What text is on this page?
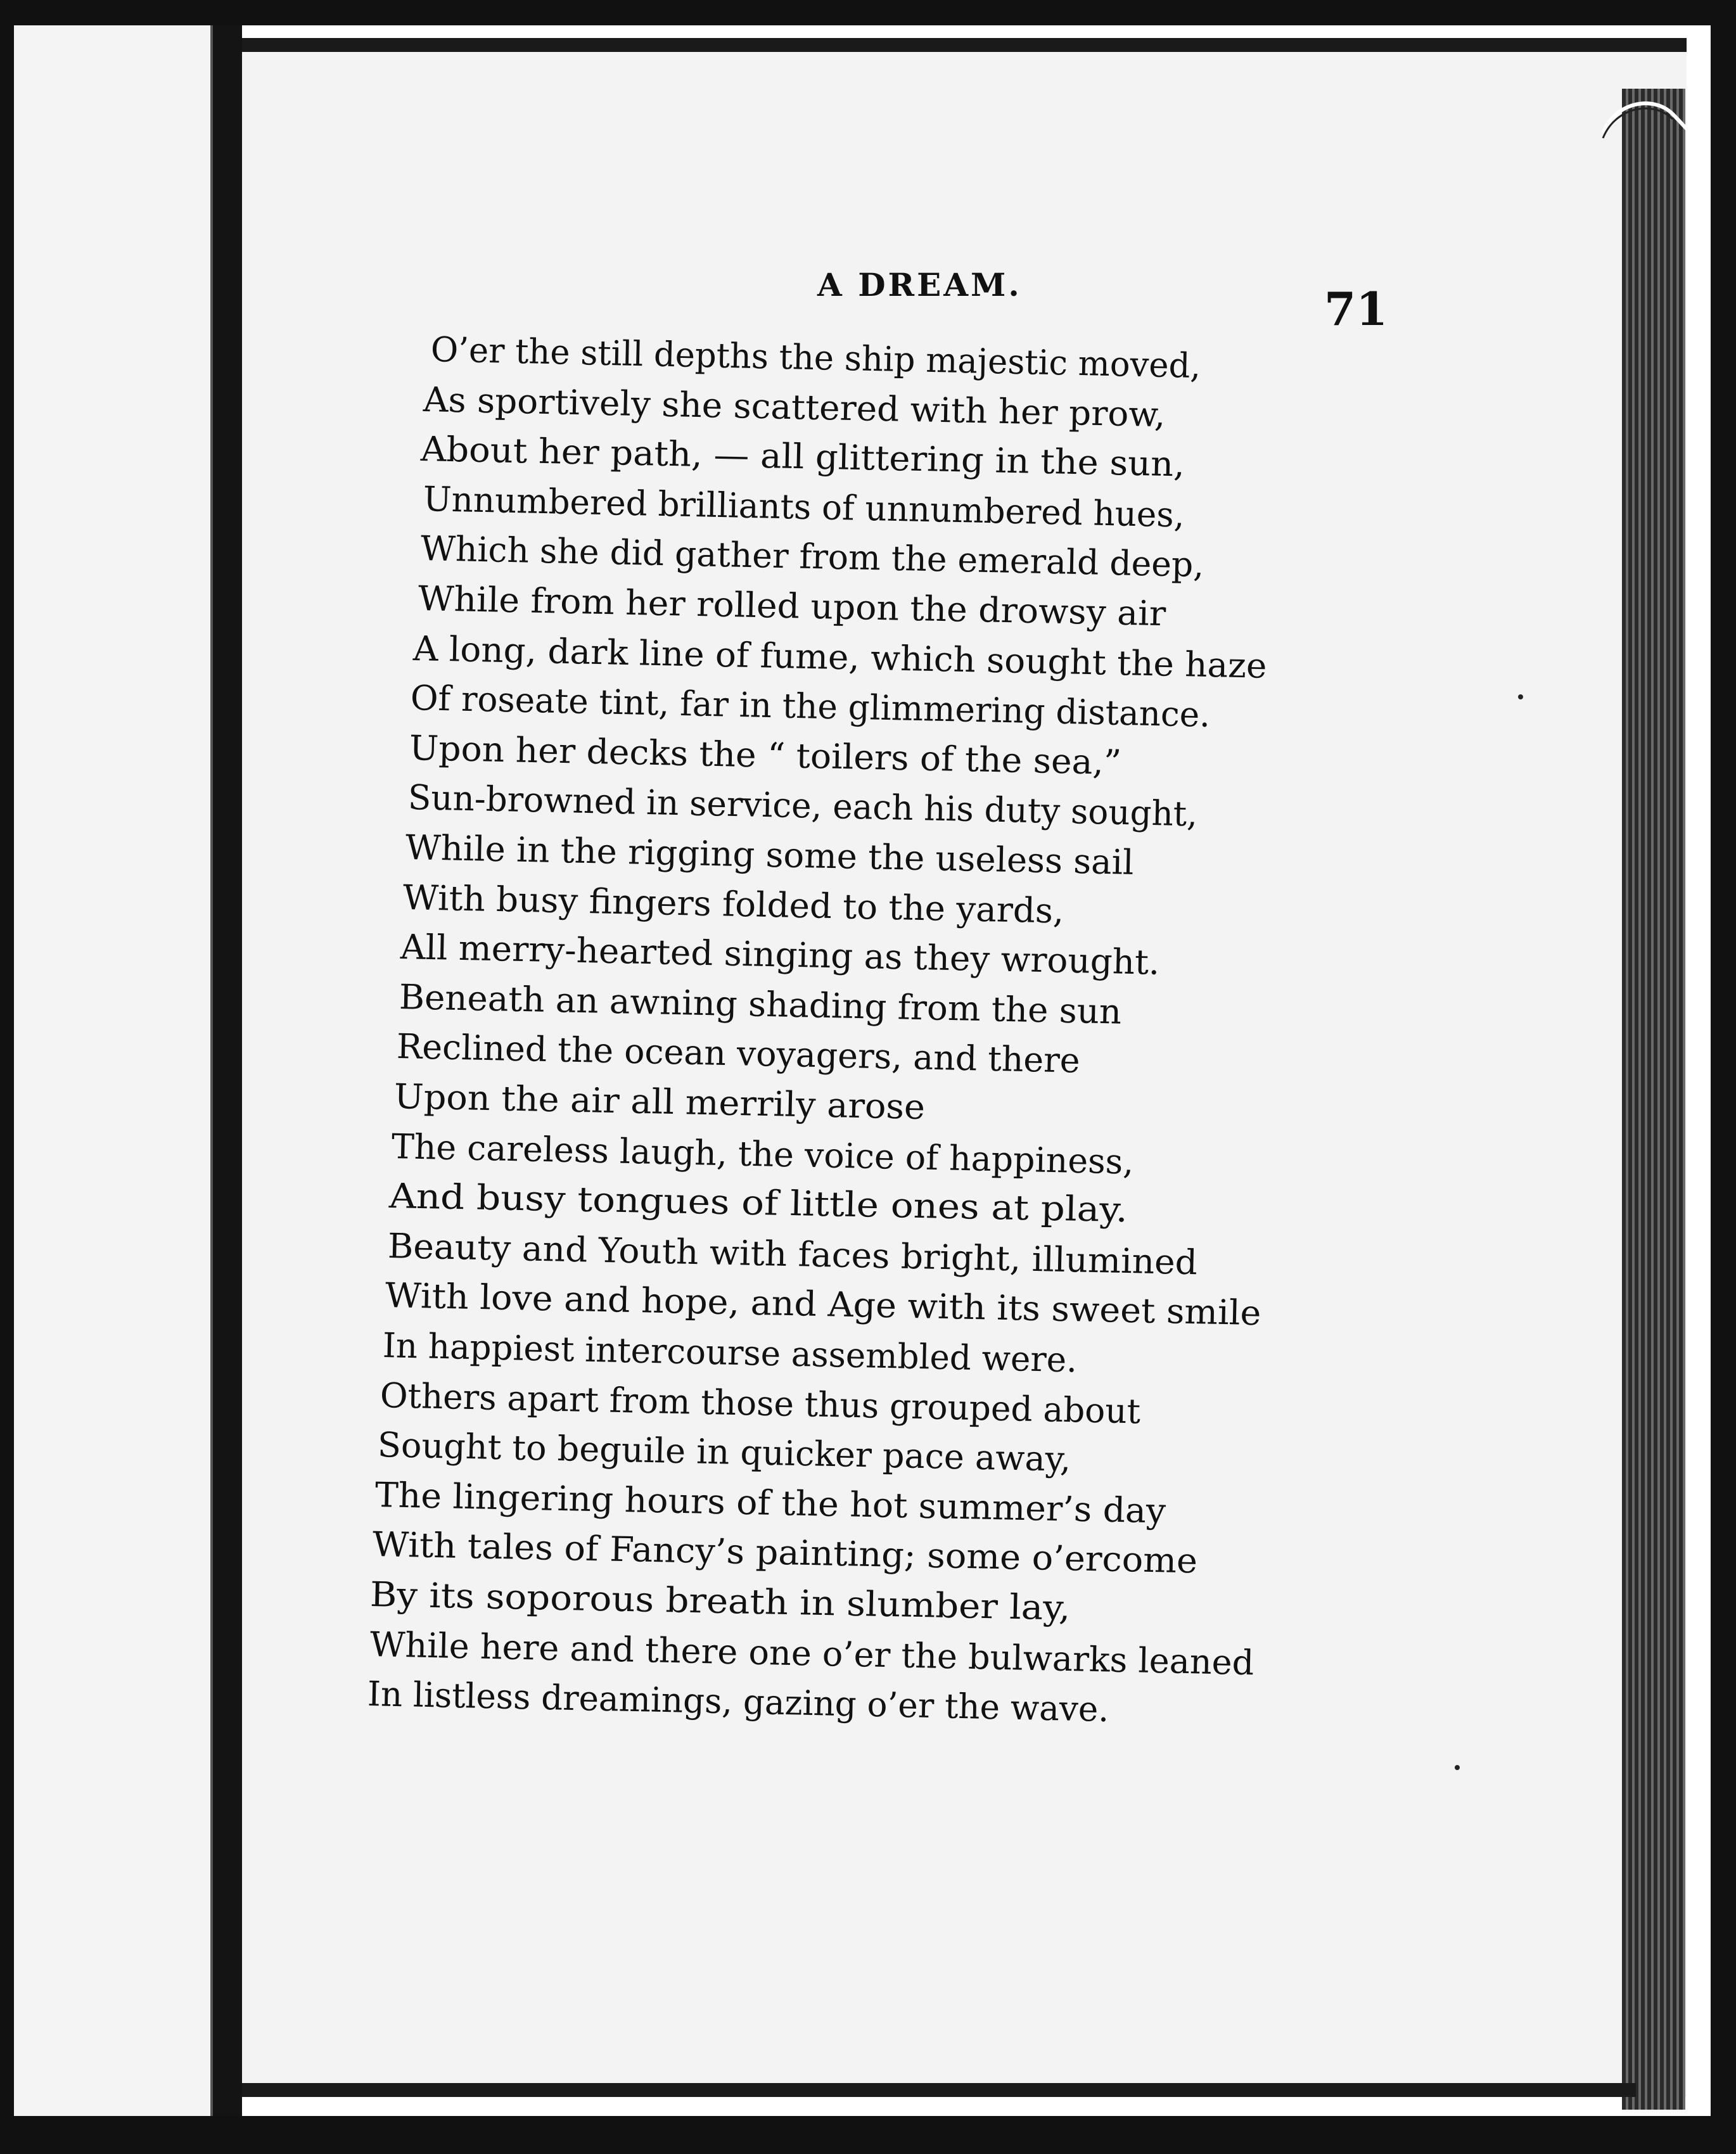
A DREAM.	71
O’er the still depths the ship majestic moved,
As sportively she scattered with her prow,
About her path, — all glittering in the sun,
Unnumbered brilliants of unnumbered hues,
Which she did gather from the emerald deep,
While from her rolled upon the drowsy air
A long, dark line of fume, which sought the haze
Of roseate tint, far in the glimmering distance.
Upon her decks the “ toilers of the sea,”
Sun-browned in service, each his duty sought,
While in the rigging some the useless sail
With busy fingers folded to the yards,
All merry-hearted singing as they wrought.
Beneath an awning shading from the sun
Reclined the ocean voyagers, and there
Upon the air all merrily arose
The careless laugh, the voice of happiness,
And busy tongues of little ones at play.
Beauty and Youth with faces bright, illumined
With love and hope, and Age with its sweet smile
In happiest intercourse assembled were.
Others apart from those thus grouped about
Sought to beguile in quicker pace away,
The lingering hours of the hot summer’s day
With tales of Fancy’s painting; some o’ercome
By its soporous breath in slumber lay,
While here and there one o’er the bulwarks leaned
In listless dreamings, gazing o’er the wave.
